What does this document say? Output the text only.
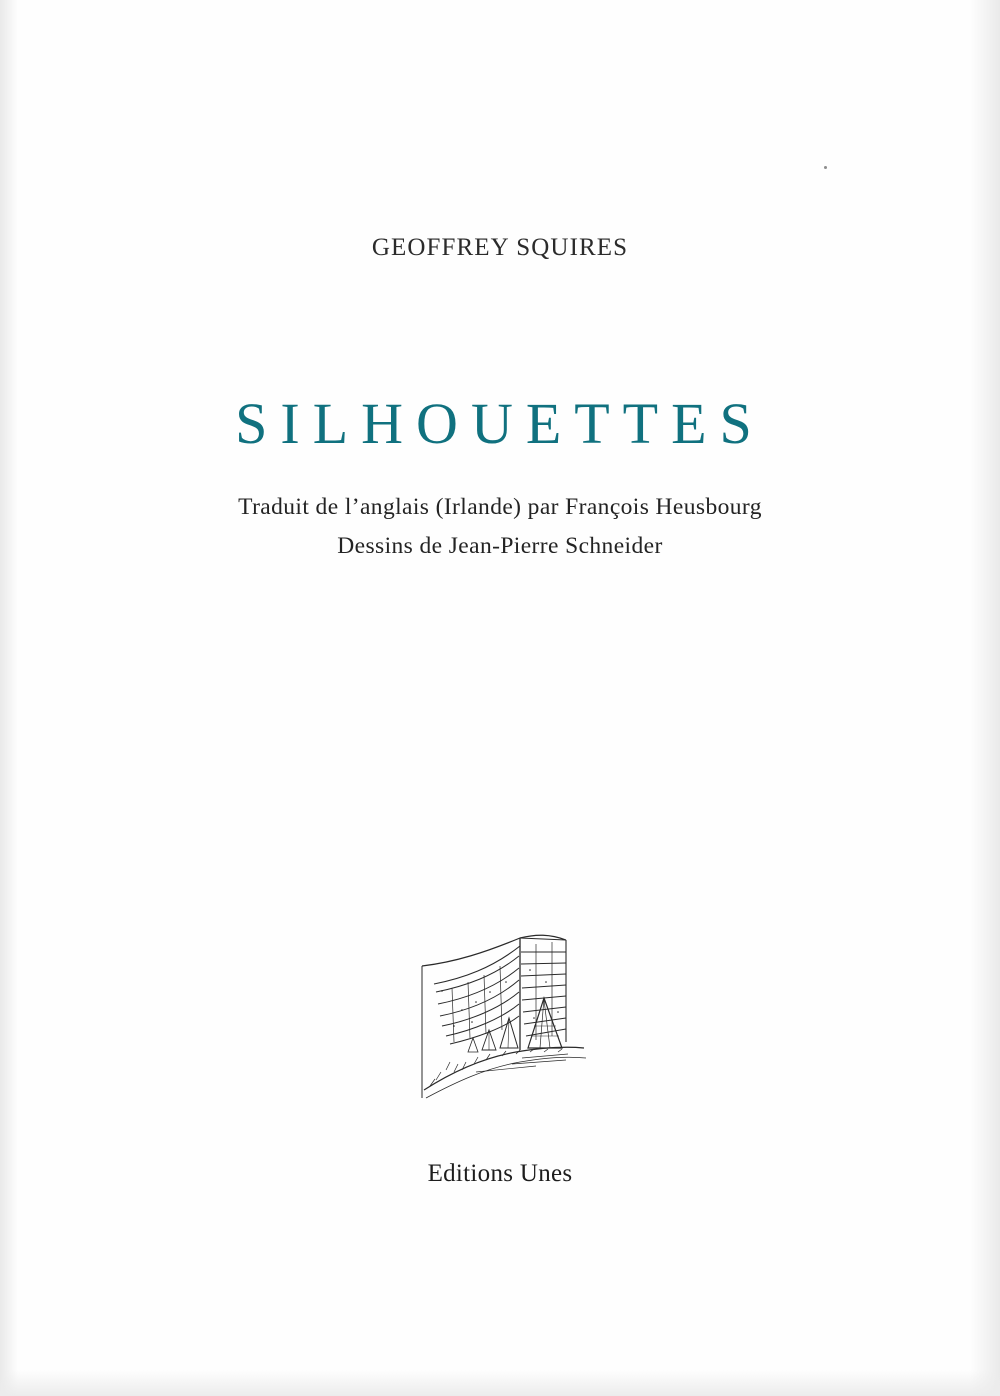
GEOFFREY SQUIRES
SILHOUETTES
Traduit de l’anglais (Irlande) par François Heusbourg
Dessins de Jean-Pierre Schneider
Editions Unes
